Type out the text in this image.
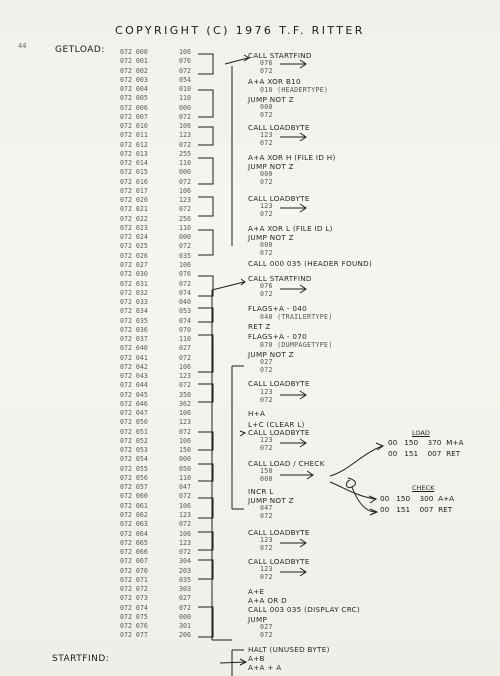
COPYRIGHT (C) 1976 T.F. RITTER
44	GETLOAD:
STARTFIND:
072 000	106
072 001	076
072 002	072
072 003	054
072 004	010
072 005	110
072 006	000
072 007	072
072 010	106
072 011	123
072 012	072
072 013	255
072 014	110
072 015	000
072 016	072
072 017	106
072 020	123
072 021	072
072 022	256
072 023	110
072 024	000
072 025	072
072 026	035
072 027	106
072 030	076
072 031	072
072 032	074
072 033	040
072 034	053
072 035	074
072 036	070
072 037	110
072 040	027
072 041	072
072 042	106
072 043	123
072 044	072
072 045	350
072 046	362
072 047	106
072 050	123
072 051	072
072 052	106
072 053	150
072 054	000
072 055	050
072 056	110
072 057	047
072 060	072
072 061	106
072 062	123
072 063	072
072 064	106
072 065	123
072 066	072
072 067	304
072 070	203
072 071	035
072 072	303
072 073	027
072 074	072
072 075	000
072 076	301
072 077	206
CALL STARTFIND
076
072
A+A XOR B10
010 (HEADERTYPE)
JUMP NOT Z
000
072
CALL LOADBYTE
123
072
A+A XOR H (FILE ID H)
JUMP NOT Z
000
072
CALL LOADBYTE
123
072
A+A XOR L (FILE ID L)
JUMP NOT Z
000
072
CALL 000 035 (HEADER FOUND)
CALL STARTFIND
076
072
FLAGS+A - 040
040 (TRAILERTYPE)
RET Z
FLAGS+A - 070
070 (DUMPAGETYPE)
JUMP NOT Z
027
072
CALL LOADBYTE
123
072
H+A
L+C (CLEAR L)
CALL LOADBYTE
123
072
CALL LOAD / CHECK
150
000
INCR L
JUMP NOT Z
047
072
CALL LOADBYTE
123
072
CALL LOADBYTE
123
072
A+E
A+A OR D
CALL 003 035 (DISPLAY CRC)
JUMP
027
072
HALT (UNUSED BYTE)
A+B
A+A + A
LOAD
00 150 370 M+A
00 151 007 RET
CHECK
00 150 300 A+A
00 151 007 RET
